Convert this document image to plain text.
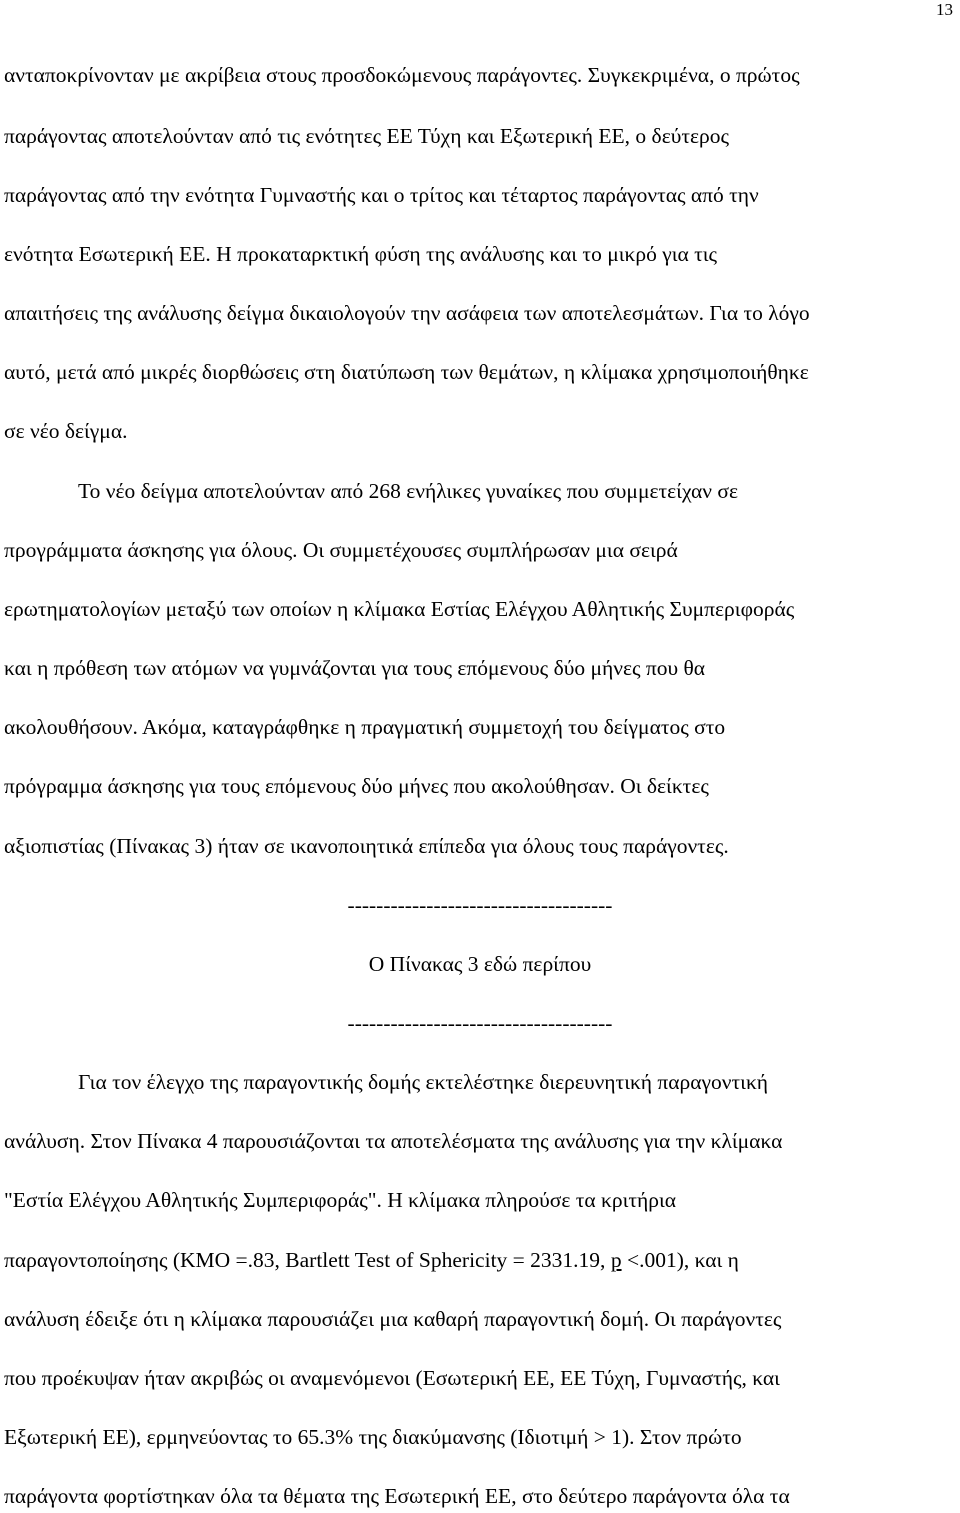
13
ανταποκρίνονταν με ακρίβεια στους προσδοκώμενους παράγοντες. Συγκεκριμένα, ο πρώτος
παράγοντας αποτελούνταν από τις ενότητες ΕΕ Τύχη και Εξωτερική ΕΕ, ο δεύτερος
παράγοντας από την ενότητα Γυμναστής και ο τρίτος και τέταρτος παράγοντας από την
ενότητα Εσωτερική ΕΕ. Η προκαταρκτική φύση της ανάλυσης και το μικρό για τις
απαιτήσεις της ανάλυσης δείγμα δικαιολογούν την ασάφεια των αποτελεσμάτων. Για το λόγο
αυτό, μετά από μικρές διορθώσεις στη διατύπωση των θεμάτων, η κλίμακα χρησιμοποιήθηκε
σε νέο δείγμα.
Το νέο δείγμα αποτελούνταν από 268 ενήλικες γυναίκες που συμμετείχαν σε
προγράμματα άσκησης για όλους. Οι συμμετέχουσες συμπλήρωσαν μια σειρά
ερωτηματολογίων μεταξύ των οποίων η κλίμακα Εστίας Ελέγχου Αθλητικής Συμπεριφοράς
και η πρόθεση των ατόμων να γυμνάζονται για τους επόμενους δύο μήνες που θα
ακολουθήσουν. Ακόμα, καταγράφθηκε η πραγματική συμμετοχή του δείγματος στο
πρόγραμμα άσκησης για τους επόμενους δύο μήνες που ακολούθησαν. Οι δείκτες
αξιοπιστίας (Πίνακας 3) ήταν σε ικανοποιητικά επίπεδα για όλους τους παράγοντες.
-------------------------------------
Ο Πίνακας 3 εδώ περίπου
-------------------------------------
Για τον έλεγχο της παραγοντικής δομής εκτελέστηκε διερευνητική παραγοντική
ανάλυση. Στον Πίνακα 4 παρουσιάζονται τα αποτελέσματα της ανάλυσης για την κλίμακα
"Εστία Ελέγχου Αθλητικής Συμπεριφοράς". Η κλίμακα πληρούσε τα κριτήρια
παραγοντοποίησης (ΚΜΟ =.83, Bartlett Test of Sphericity = 2331.19, p <.001), και η
ανάλυση έδειξε ότι η κλίμακα παρουσιάζει μια καθαρή παραγοντική δομή. Οι παράγοντες
που προέκυψαν ήταν ακριβώς οι αναμενόμενοι (Εσωτερική ΕΕ, ΕΕ Τύχη, Γυμναστής, και
Εξωτερική ΕΕ), ερμηνεύοντας το 65.3% της διακύμανσης (Ιδιοτιμή > 1). Στον πρώτο
παράγοντα φορτίστηκαν όλα τα θέματα της Εσωτερική ΕΕ, στο δεύτερο παράγοντα όλα τα
